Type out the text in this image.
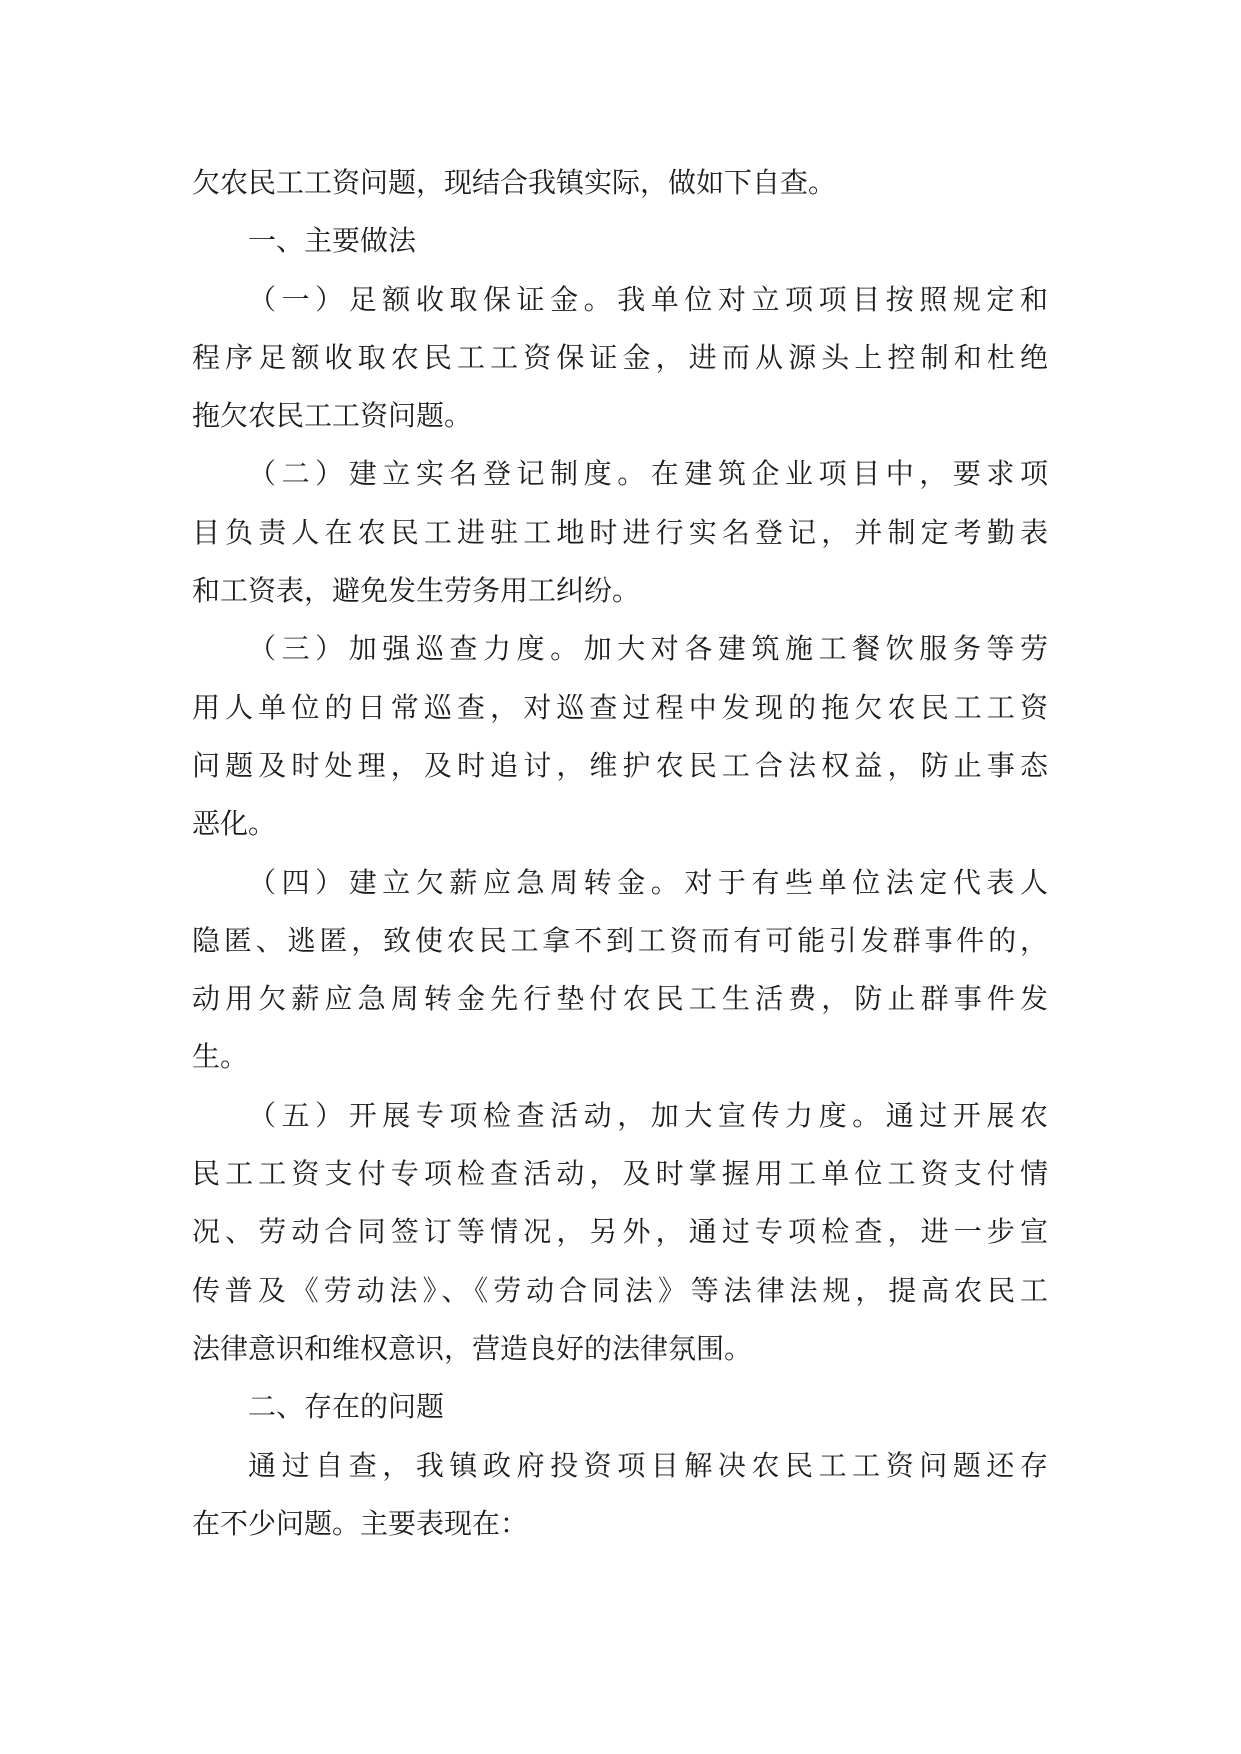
欠农民工工资问题，现结合我镇实际，做如下自查。
一、主要做法
（一）足额收取保证金。我单位对立项项目按照规定和
程序足额收取农民工工资保证金，进而从源头上控制和杜绝
拖欠农民工工资问题。
（二）建立实名登记制度。在建筑企业项目中，要求项
目负责人在农民工进驻工地时进行实名登记，并制定考勤表
和工资表，避免发生劳务用工纠纷。
（三）加强巡查力度。加大对各建筑施工餐饮服务等劳
用人单位的日常巡查，对巡查过程中发现的拖欠农民工工资
问题及时处理，及时追讨，维护农民工合法权益，防止事态
恶化。
（四）建立欠薪应急周转金。对于有些单位法定代表人
隐匿、逃匿，致使农民工拿不到工资而有可能引发群事件的，
动用欠薪应急周转金先行垫付农民工生活费，防止群事件发
生。
（五）开展专项检查活动，加大宣传力度。通过开展农
民工工资支付专项检查活动，及时掌握用工单位工资支付情
况、劳动合同签订等情况，另外，通过专项检查，进一步宣
传普及《劳动法》、《劳动合同法》等法律法规，提高农民工
法律意识和维权意识，营造良好的法律氛围。
二、存在的问题
通过自查，我镇政府投资项目解决农民工工资问题还存
在不少问题。主要表现在：
